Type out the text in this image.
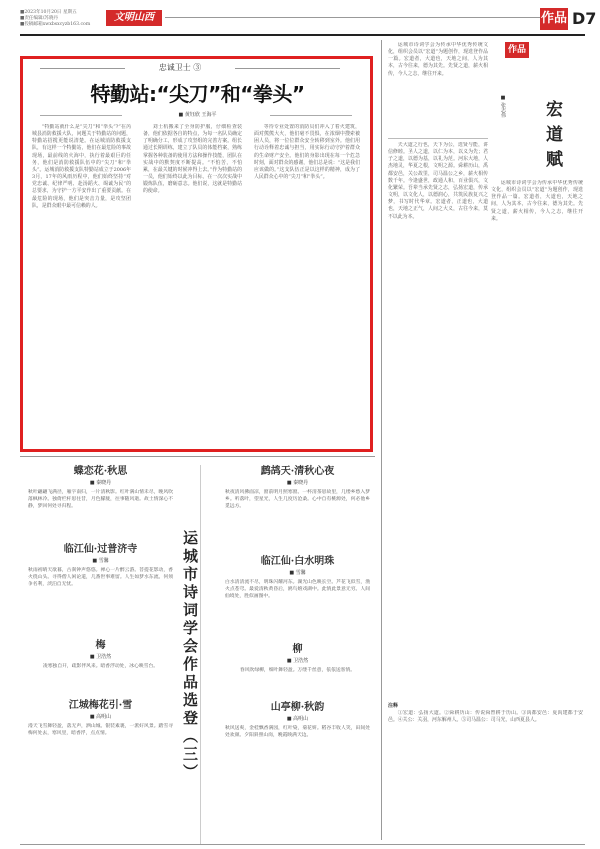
■2023年10月20日 星期五
■责任编辑/苏晓丹
■投稿邮箱xwxbsxcyzb163.com
文明山西	作品 D7
忠诚卫士 ③
特勤站:“尖刀”和“拳头”
■ 黄钰欣 王海平

“特勤站就什么是“尖刀”和“拳头”?”在芮城县消防救援大队，问题关于特勤站的问题，特勤站招揽更能说清楚。在运城消防救援支队，有这样一个特勤站，他们在最危险的事故现场，最前线的火海中，执行着最艰巨的任务，他们是消防救援队伍中的“尖刀”和“拳头”。运城消防救援支队特勤站成立于2006年3月，17年的风雨历程中，他们始终坚持“对党忠诚、纪律严明、赴汤蹈火、竭诚为民”的总要求，为守护一方平安作出了重要贡献。在最危险的现场，他们是突击力量，是攻坚团队，是群众眼中最可信赖的人。

刘士杭搬来了全身防护服，仔细检查装备，他们依据各自的特点，为每一名队员确定了明确分工，形成了攻坚组的完善方案。组长通过长期训练，建立了队员的体能档案，熟练掌握各种装备的使用方法和操作技能，团队在实战中的默契度不断提高。“不怕苦，不怕累，在最关键的时候冲得上去。”作为特勤站的一员，他们始终以此为目标，在一次次实战中锻炼队伍，磨砺意志。他们说，这就是特勤站的使命。

等待专业处置的消防员们冲入了着火建筑，面对熊熊大火，他们毫不畏惧，在浓烟中搜索被困人员，将一位位群众安全转移到室外。他们用行动诠释着忠诚与担当，用实际行动守护着群众的生命财产安全。他们的身影出现在每一个危急时刻，面对群众的感谢，他们总是说：“这是我们应该做的。”这支队伍正是以这样的精神，成为了人民群众心中的“尖刀”和“拳头”。

运城市诗词学会为传承中华优秀传统文化，组织会员以“宏道”为题创作，现选登作品一篇。宏道者，大道也，天地之间，人为其本，古今往来，德为其先。先贤之道，薪火相传，今人之志，继往开来。

作品
■ 张志伟 宏道赋

夫大道之行也，天下为公，选贤与能，讲信修睦。圣人之道，以仁为本，以义为先；君子之道，以德为基，以礼为范。河东大地，人杰地灵，华夏之根，文明之源。舜耕历山，禹都安邑，关公故里，司马温公之乡，薪火相传数千年。今逢盛世，政通人和，百业俱兴，文化繁荣。吾辈当承先贤之志，弘扬宏道，传承文明，以文化人，以德润心，共筑民族复兴之梦，书写时代华章。宏道者，正道也，大道也，天地之正气，人间之大义，古往今来，莫不以此为本。

运城市诗词学会为传承中华优秀传统文化，组织会员以“宏道”为题创作，现选登作品一篇。宏道者，大道也，天地之间，人为其本，古今往来，德为其先。先贤之道，薪火相传，今人之志，继往开来。

注释

①宏道：弘扬大道。②舜耕历山：传说舜曾耕于历山。③禹都安邑：夏禹建都于安邑。④关公：关羽，河东解州人。⑤司马温公：司马光，山西夏县人。

运城市诗词学会作品选登（三）
蝶恋花·秋思
■ 秦晓丹
秋叶翩翩飞满径，雁字南归，一片清秋影。红叶满山情未尽，晚风吹落枫林冷。独倚栏杆思往昔，月色朦胧，往事随风逝。故土情深心不静，梦回何处寻归程。
临江仙·过普济寺
■ 雪馨
秋雨初晴天欲暮，古刹钟声悠悠。禅心一片醉云游。菩提花影动，香火绕山头。寻得僧人闲论道，几番世事难留。人生如梦水东流。何须争名利，淡泊自无忧。
梅
■ 卫浩然
凌寒独自开，疏影伴风来。暗香浮动处，冰心映雪台。
江城梅花引·雪
■ 高明山
漫天飞雪舞轻盈，落无声，洒山城。银装素裹，一派好风景。踏雪寻梅何处去，寒风里，暗香浮，点点情。
鹧鸪天·清秋心夜
■ 秦晓丹
秋夜清风拂面凉，窗前明月照寒窗。一杯清茶思故里，几缕乡愁入梦乡。听落叶，望星光，人生几度历沧桑。心中自有桃源处，何必他乡觅远方。
临江仙·白水明珠
■ 雪馨
白水清清流不尽，明珠闪耀河东。湖光山色映长空。芦花飞似雪，渔火点苍穹。最爱清秋黄昏后，鸥鸟嬉戏湖中。此情此景意无穷。人间仙境处，胜似画图中。
柳
■ 卫浩然
春风吹绿柳，细叶舞轻盈。万缕千丝意，依依送客情。
山亭柳·秋韵
■ 高明山
秋风送爽，金桂飘香满园，红叶染，菊花妍。稻谷丰收人笑，田间处处欢颜。夕阳斜照山岗，晚霞映满天边。
